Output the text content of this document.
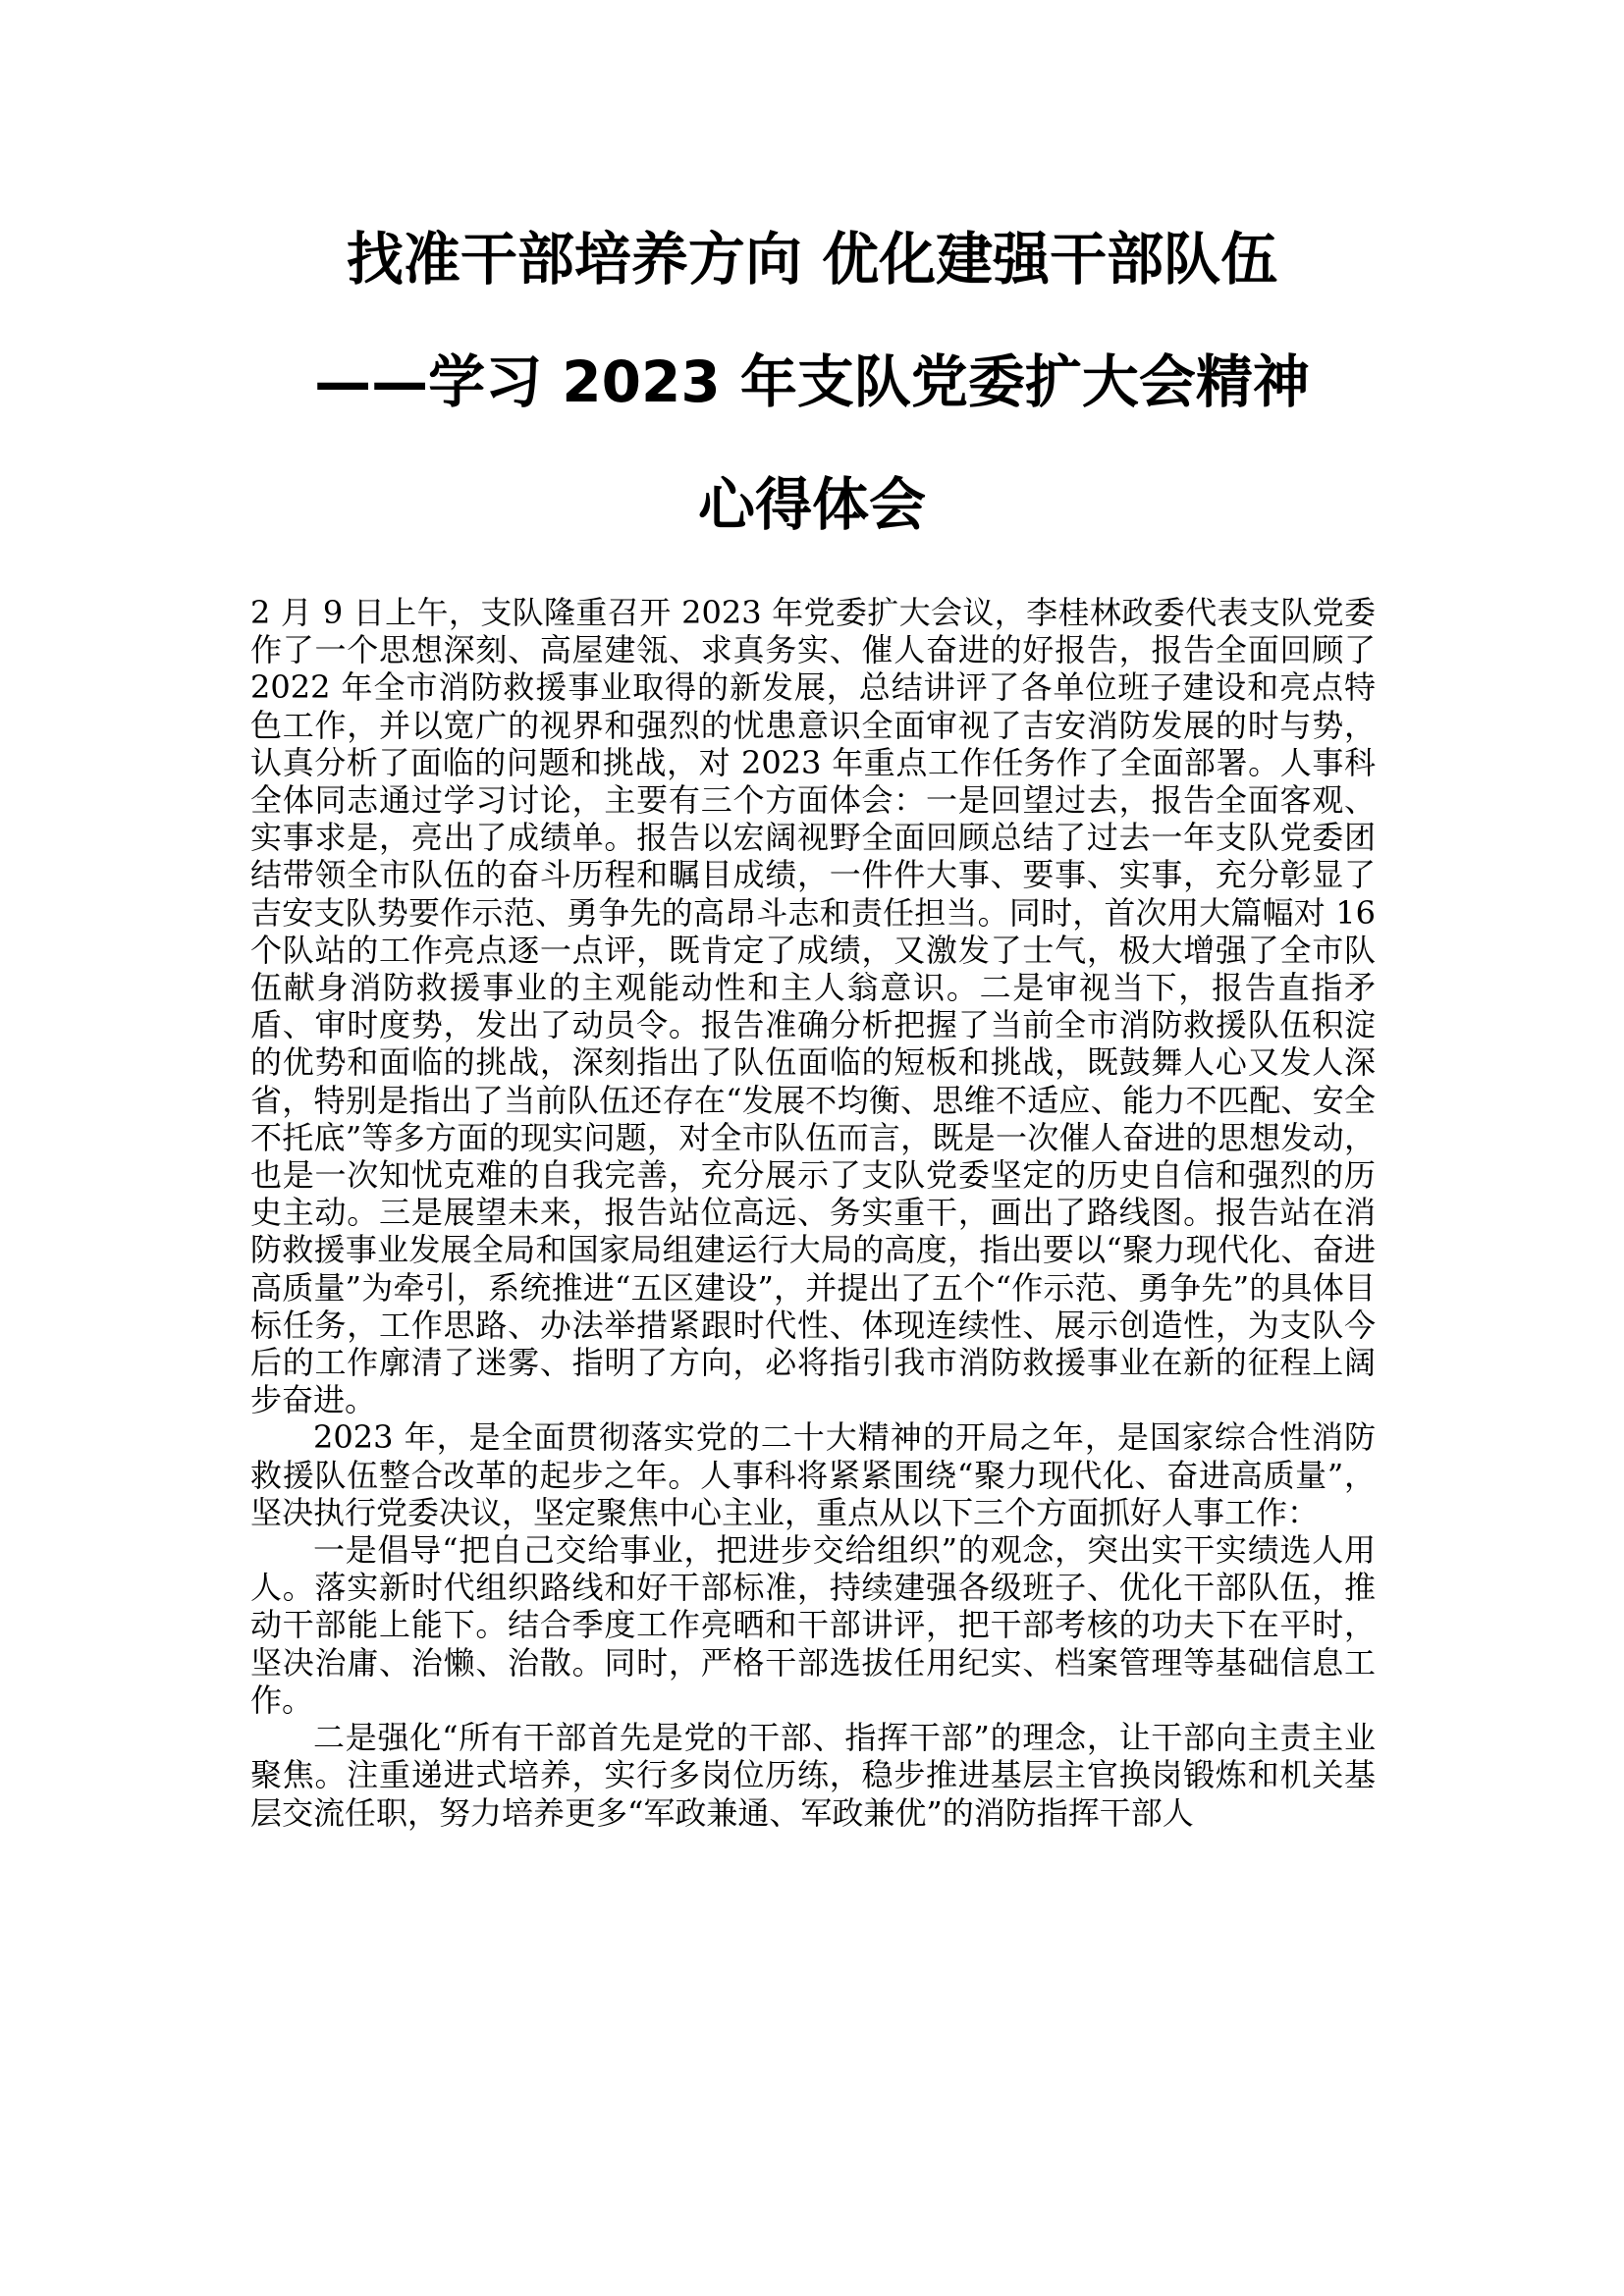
找准干部培养方向 优化建强干部队伍
——学习 2023 年支队党委扩大会精神
心得体会

2 月 9 日上午，支队隆重召开 2023 年党委扩大会议，李桂林政委代表支队党委作了一个思想深刻、高屋建瓴、求真务实、催人奋进的好报告，报告全面回顾了 2022 年全市消防救援事业取得的新发展，总结讲评了各单位班子建设和亮点特色工作，并以宽广的视界和强烈的忧患意识全面审视了吉安消防发展的时与势，认真分析了面临的问题和挑战，对 2023 年重点工作任务作了全面部署。人事科全体同志通过学习讨论，主要有三个方面体会：一是回望过去，报告全面客观、实事求是，亮出了成绩单。报告以宏阔视野全面回顾总结了过去一年支队党委团结带领全市队伍的奋斗历程和瞩目成绩，一件件大事、要事、实事，充分彰显了吉安支队势要作示范、勇争先的高昂斗志和责任担当。同时，首次用大篇幅对 16 个队站的工作亮点逐一点评，既肯定了成绩，又激发了士气，极大增强了全市队伍献身消防救援事业的主观能动性和主人翁意识。二是审视当下，报告直指矛盾、审时度势，发出了动员令。报告准确分析把握了当前全市消防救援队伍积淀的优势和面临的挑战，深刻指出了队伍面临的短板和挑战，既鼓舞人心又发人深省，特别是指出了当前队伍还存在“发展不均衡、思维不适应、能力不匹配、安全不托底”等多方面的现实问题，对全市队伍而言，既是一次催人奋进的思想发动，也是一次知忧克难的自我完善，充分展示了支队党委坚定的历史自信和强烈的历史主动。三是展望未来，报告站位高远、务实重干，画出了路线图。报告站在消防救援事业发展全局和国家局组建运行大局的高度，指出要以“聚力现代化、奋进高质量”为牵引，系统推进“五区建设”，并提出了五个“作示范、勇争先”的具体目标任务，工作思路、办法举措紧跟时代性、体现连续性、展示创造性，为支队今后的工作廓清了迷雾、指明了方向，必将指引我市消防救援事业在新的征程上阔步奋进。

2023 年，是全面贯彻落实党的二十大精神的开局之年，是国家综合性消防救援队伍整合改革的起步之年。人事科将紧紧围绕“聚力现代化、奋进高质量”，坚决执行党委决议，坚定聚焦中心主业，重点从以下三个方面抓好人事工作：

一是倡导“把自己交给事业，把进步交给组织”的观念，突出实干实绩选人用人。落实新时代组织路线和好干部标准，持续建强各级班子、优化干部队伍，推动干部能上能下。结合季度工作亮晒和干部讲评，把干部考核的功夫下在平时，坚决治庸、治懒、治散。同时，严格干部选拔任用纪实、档案管理等基础信息工作。

二是强化“所有干部首先是党的干部、指挥干部”的理念，让干部向主责主业聚焦。注重递进式培养，实行多岗位历练，稳步推进基层主官换岗锻炼和机关基层交流任职，努力培养更多“军政兼通、军政兼优”的消防指挥干部人
